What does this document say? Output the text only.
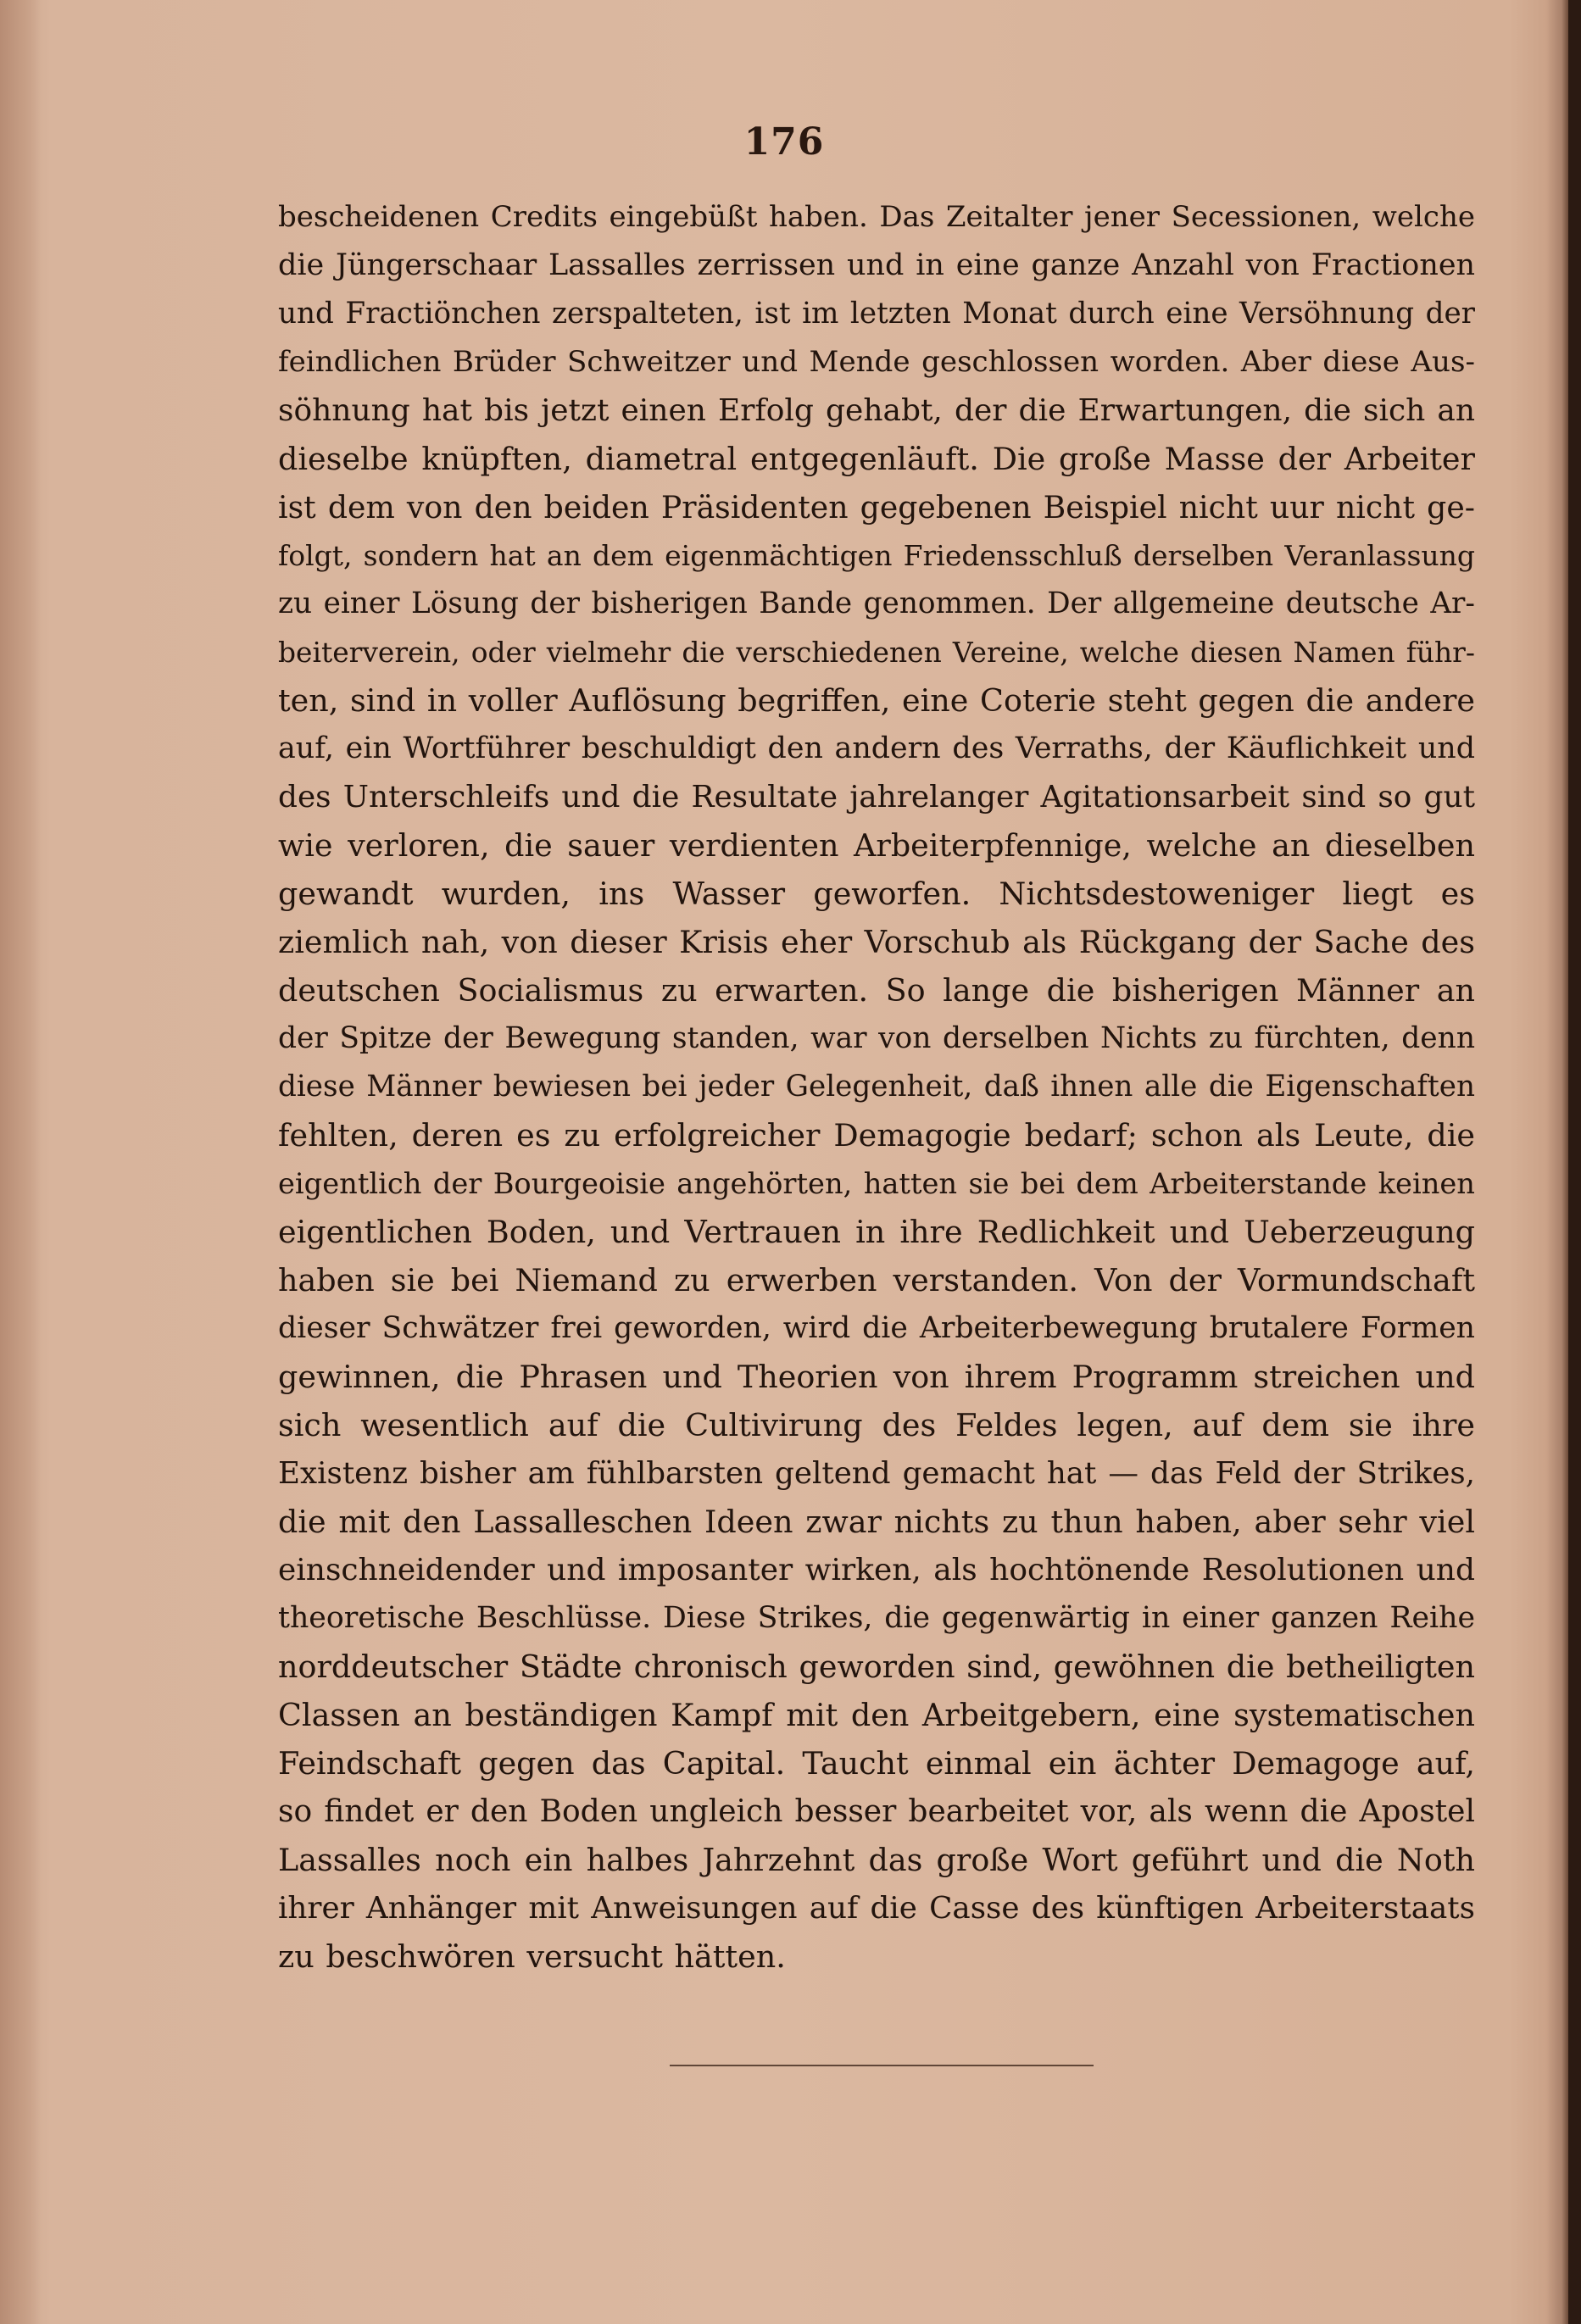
176
bescheidenen Credits eingebüßt haben. Das Zeitalter jener Secessionen, welche
die Jüngerschaar Lassalles zerrissen und in eine ganze Anzahl von Fractionen
und Fractiönchen zerspalteten, ist im letzten Monat durch eine Versöhnung der
feindlichen Brüder Schweitzer und Mende geschlossen worden. Aber diese Aus-
söhnung hat bis jetzt einen Erfolg gehabt, der die Erwartungen, die sich an
dieselbe knüpften, diametral entgegenläuft. Die große Masse der Arbeiter
ist dem von den beiden Präsidenten gegebenen Beispiel nicht uur nicht ge-
folgt, sondern hat an dem eigenmächtigen Friedensschluß derselben Veranlassung
zu einer Lösung der bisherigen Bande genommen. Der allgemeine deutsche Ar-
beiterverein, oder vielmehr die verschiedenen Vereine, welche diesen Namen führ-
ten, sind in voller Auflösung begriffen, eine Coterie steht gegen die andere
auf, ein Wortführer beschuldigt den andern des Verraths, der Käuflichkeit und
des Unterschleifs und die Resultate jahrelanger Agitationsarbeit sind so gut
wie verloren, die sauer verdienten Arbeiterpfennige, welche an dieselben
gewandt wurden, ins Wasser geworfen. Nichtsdestoweniger liegt es
ziemlich nah, von dieser Krisis eher Vorschub als Rückgang der Sache des
deutschen Socialismus zu erwarten. So lange die bisherigen Männer an
der Spitze der Bewegung standen, war von derselben Nichts zu fürchten, denn
diese Männer bewiesen bei jeder Gelegenheit, daß ihnen alle die Eigenschaften
fehlten, deren es zu erfolgreicher Demagogie bedarf; schon als Leute, die
eigentlich der Bourgeoisie angehörten, hatten sie bei dem Arbeiterstande keinen
eigentlichen Boden, und Vertrauen in ihre Redlichkeit und Ueberzeugung
haben sie bei Niemand zu erwerben verstanden. Von der Vormundschaft
dieser Schwätzer frei geworden, wird die Arbeiterbewegung brutalere Formen
gewinnen, die Phrasen und Theorien von ihrem Programm streichen und
sich wesentlich auf die Cultivirung des Feldes legen, auf dem sie ihre
Existenz bisher am fühlbarsten geltend gemacht hat — das Feld der Strikes,
die mit den Lassalleschen Ideen zwar nichts zu thun haben, aber sehr viel
einschneidender und imposanter wirken, als hochtönende Resolutionen und
theoretische Beschlüsse. Diese Strikes, die gegenwärtig in einer ganzen Reihe
norddeutscher Städte chronisch geworden sind, gewöhnen die betheiligten
Classen an beständigen Kampf mit den Arbeitgebern, eine systematischen
Feindschaft gegen das Capital. Taucht einmal ein ächter Demagoge auf,
so findet er den Boden ungleich besser bearbeitet vor, als wenn die Apostel
Lassalles noch ein halbes Jahrzehnt das große Wort geführt und die Noth
ihrer Anhänger mit Anweisungen auf die Casse des künftigen Arbeiterstaats
zu beschwören versucht hätten.
